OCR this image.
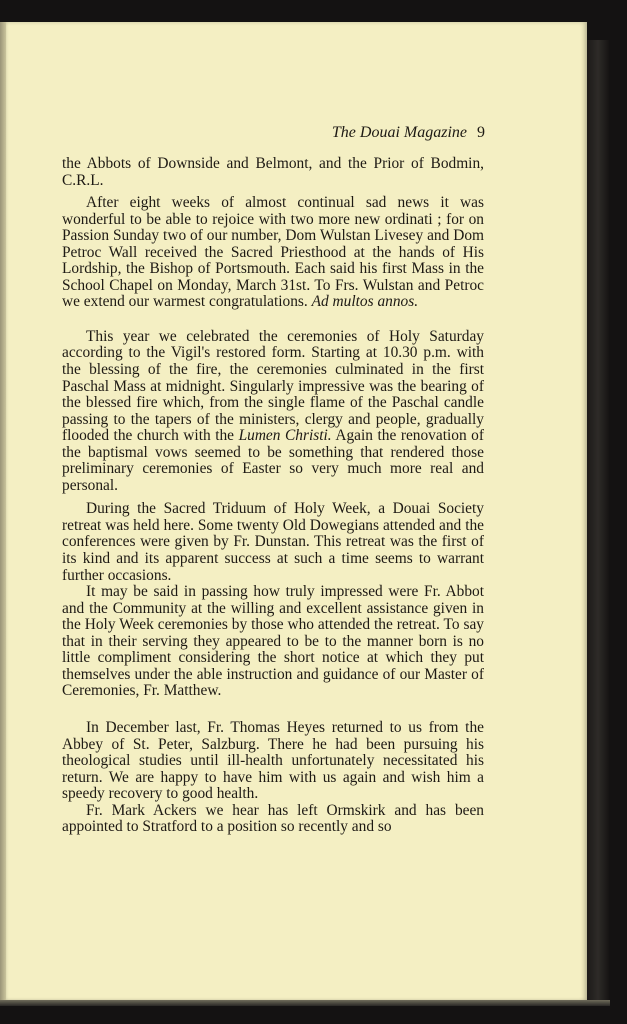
The Douai Magazine 9

the Abbots of Downside and Belmont, and the Prior of Bodmin, C.R.L.

After eight weeks of almost continual sad news it was wonderful to be able to rejoice with two more new ordinati ; for on Passion Sunday two of our number, Dom Wulstan Livesey and Dom Petroc Wall received the Sacred Priesthood at the hands of His Lordship, the Bishop of Portsmouth. Each said his first Mass in the School Chapel on Monday, March 31st. To Frs. Wulstan and Petroc we extend our warmest congratulations. Ad multos annos.

This year we celebrated the ceremonies of Holy Saturday according to the Vigil's restored form. Starting at 10.30 p.m. with the blessing of the fire, the ceremonies culminated in the first Paschal Mass at midnight. Singularly impressive was the bearing of the blessed fire which, from the single flame of the Paschal candle passing to the tapers of the ministers, clergy and people, gradually flooded the church with the Lumen Christi. Again the renovation of the baptismal vows seemed to be something that rendered those preliminary ceremonies of Easter so very much more real and personal.

During the Sacred Triduum of Holy Week, a Douai Society retreat was held here. Some twenty Old Dowegians attended and the conferences were given by Fr. Dunstan. This retreat was the first of its kind and its apparent success at such a time seems to warrant further occasions.

It may be said in passing how truly impressed were Fr. Abbot and the Community at the willing and excellent assistance given in the Holy Week ceremonies by those who attended the retreat. To say that in their serving they appeared to be to the manner born is no little compliment considering the short notice at which they put themselves under the able instruction and guidance of our Master of Ceremonies, Fr. Matthew.

In December last, Fr. Thomas Heyes returned to us from the Abbey of St. Peter, Salzburg. There he had been pursuing his theological studies until ill-health unfortunately necessitated his return. We are happy to have him with us again and wish him a speedy recovery to good health.

Fr. Mark Ackers we hear has left Ormskirk and has been appointed to Stratford to a position so recently and so
